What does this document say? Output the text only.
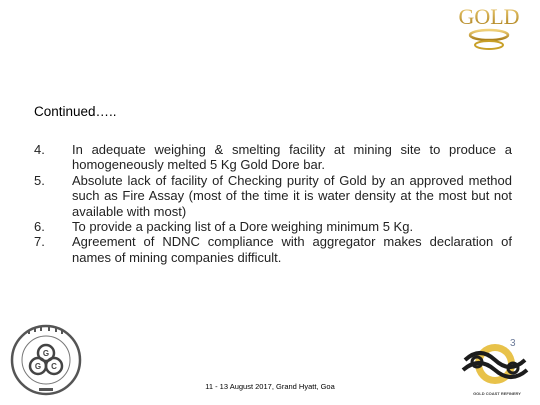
GOLD
Continued…..
4.	In adequate weighing & smelting facility at mining site to produce a homogeneously melted 5 Kg Gold Dore bar.
5.	Absolute lack of facility of Checking purity of Gold by an approved method such as Fire Assay (most of the time it is water density at the most but not available with most)
6.	To provide a packing list of a Dore weighing minimum 5 Kg.
7.	Agreement of NDNC compliance with aggregator makes declaration of names of mining companies difficult.
G
G C
3
GOLD COAST REFINERY
11 - 13 August 2017, Grand Hyatt, Goa
